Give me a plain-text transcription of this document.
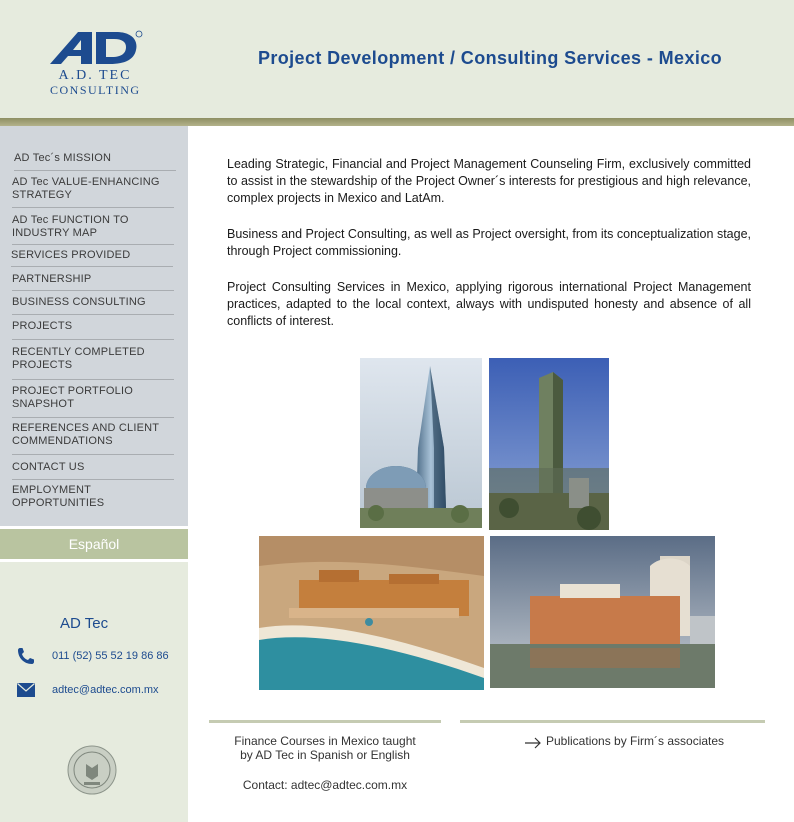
A.D. TEC
CONSULTING
Project Development / Consulting Services - Mexico
AD Tec´s MISSION
AD Tec VALUE-ENHANCING STRATEGY
AD Tec FUNCTION TO INDUSTRY MAP
SERVICES PROVIDED
PARTNERSHIP
BUSINESS CONSULTING
PROJECTS
RECENTLY COMPLETED PROJECTS
PROJECT PORTFOLIO SNAPSHOT
REFERENCES AND CLIENT COMMENDATIONS
CONTACT US
EMPLOYMENT OPPORTUNITIES
Español
AD Tec
011 (52) 55 52 19 86 86
adtec@adtec.com.mx
Leading Strategic, Financial and Project Management Counseling Firm, exclusively committed to assist in the stewardship of the Project Owner´s interests for prestigious and high relevance, complex projects in Mexico and LatAm.
Business and Project Consulting, as well as Project oversight, from its conceptualization stage, through Project commissioning.
Project Consulting Services in Mexico, applying rigorous international Project Management practices, adapted to the local context, always with undisputed honesty and absence of all conflicts of interest.
Finance Courses in Mexico taught
by AD Tec in Spanish or English
Contact: adtec@adtec.com.mx
Publications by Firm´s associates
